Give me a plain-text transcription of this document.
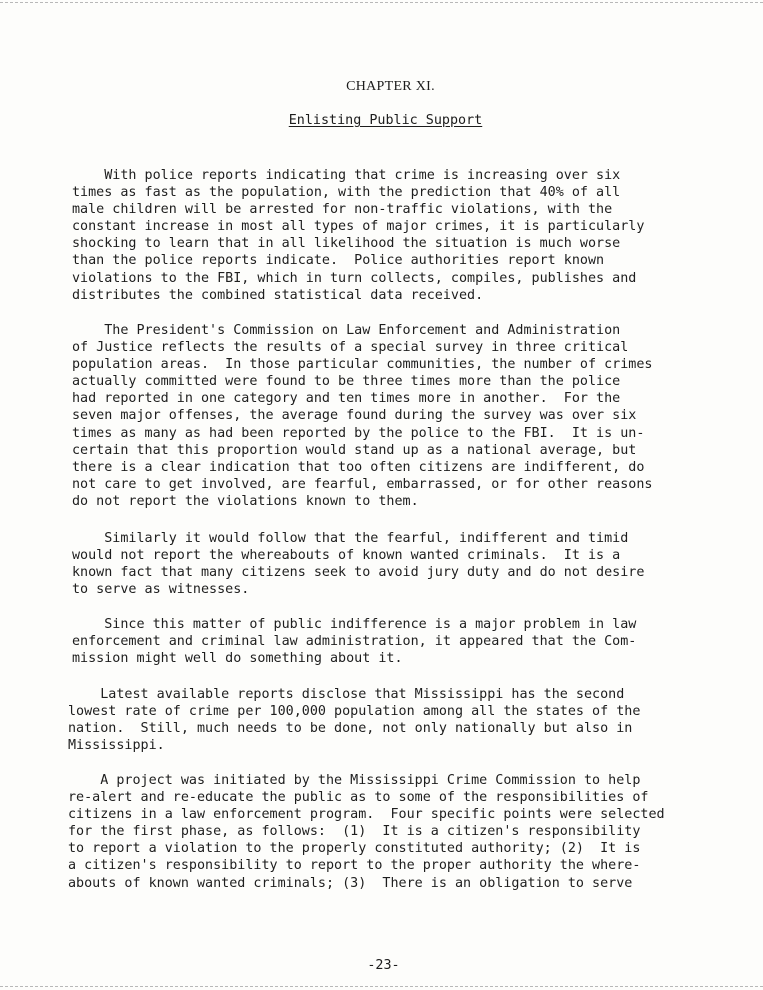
CHAPTER XI.
Enlisting Public Support
With police reports indicating that crime is increasing over six
times as fast as the population, with the prediction that 40% of all
male children will be arrested for non-traffic violations, with the
constant increase in most all types of major crimes, it is particularly
shocking to learn that in all likelihood the situation is much worse
than the police reports indicate.  Police authorities report known
violations to the FBI, which in turn collects, compiles, publishes and
distributes the combined statistical data received.
The President's Commission on Law Enforcement and Administration
of Justice reflects the results of a special survey in three critical
population areas.  In those particular communities, the number of crimes
actually committed were found to be three times more than the police
had reported in one category and ten times more in another.  For the
seven major offenses, the average found during the survey was over six
times as many as had been reported by the police to the FBI.  It is un-
certain that this proportion would stand up as a national average, but
there is a clear indication that too often citizens are indifferent, do
not care to get involved, are fearful, embarrassed, or for other reasons
do not report the violations known to them.
Similarly it would follow that the fearful, indifferent and timid
would not report the whereabouts of known wanted criminals.  It is a
known fact that many citizens seek to avoid jury duty and do not desire
to serve as witnesses.
Since this matter of public indifference is a major problem in law
enforcement and criminal law administration, it appeared that the Com-
mission might well do something about it.
Latest available reports disclose that Mississippi has the second
lowest rate of crime per 100,000 population among all the states of the
nation.  Still, much needs to be done, not only nationally but also in
Mississippi.
A project was initiated by the Mississippi Crime Commission to help
re-alert and re-educate the public as to some of the responsibilities of
citizens in a law enforcement program.  Four specific points were selected
for the first phase, as follows:  (1)  It is a citizen's responsibility
to report a violation to the properly constituted authority; (2)  It is
a citizen's responsibility to report to the proper authority the where-
abouts of known wanted criminals; (3)  There is an obligation to serve
-23-
